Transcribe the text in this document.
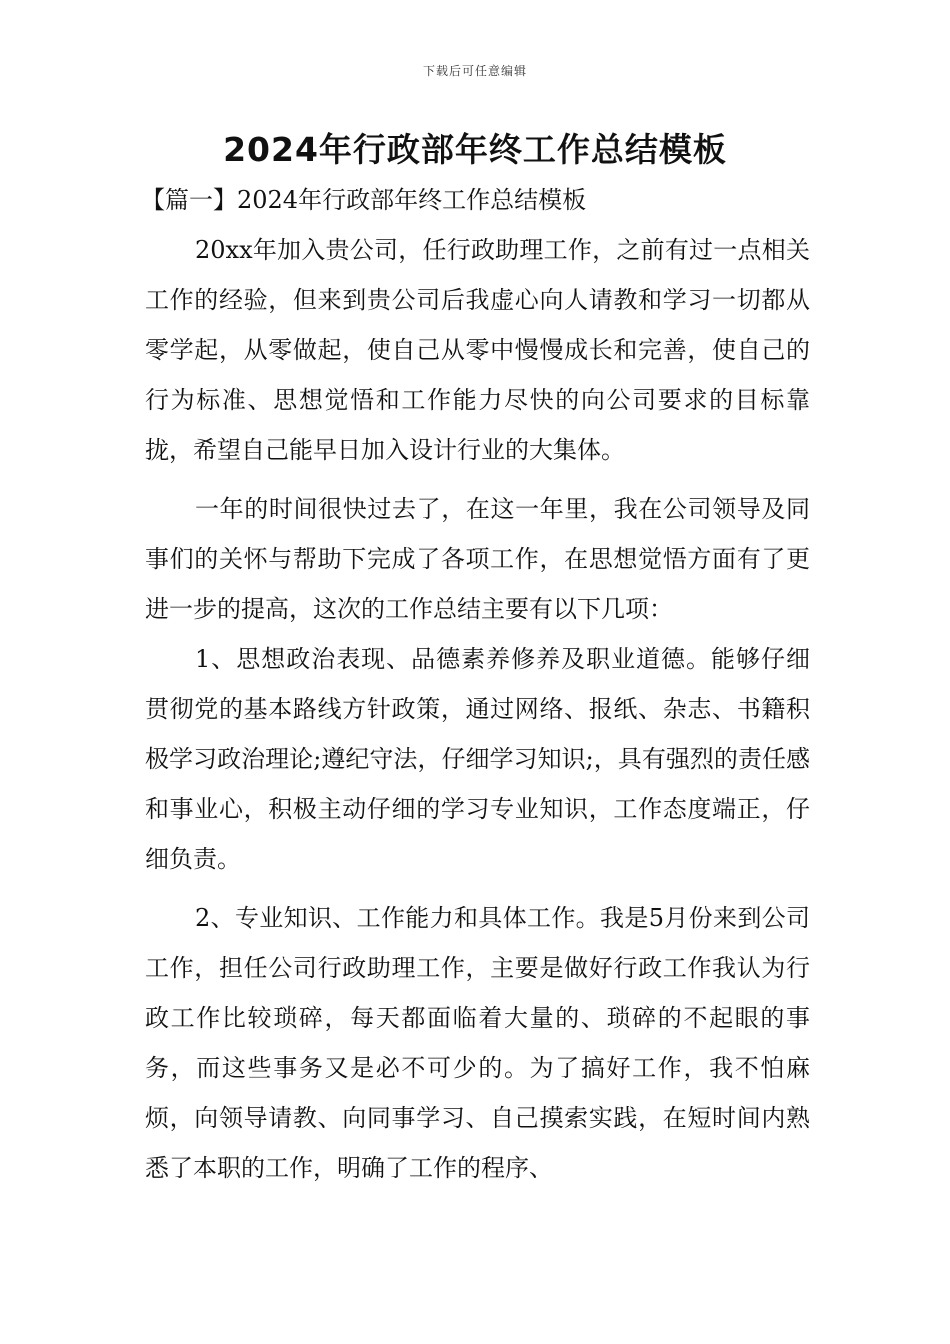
下载后可任意编辑
2024年行政部年终工作总结模板

【篇一】2024年行政部年终工作总结模板

20xx年加入贵公司，任行政助理工作，之前有过一点相关工作的经验，但来到贵公司后我虚心向人请教和学习一切都从零学起，从零做起，使自己从零中慢慢成长和完善，使自己的行为标准、思想觉悟和工作能力尽快的向公司要求的目标靠拢，希望自己能早日加入设计行业的大集体。

一年的时间很快过去了，在这一年里，我在公司领导及同事们的关怀与帮助下完成了各项工作，在思想觉悟方面有了更进一步的提高，这次的工作总结主要有以下几项：

1、思想政治表现、品德素养修养及职业道德。能够仔细贯彻党的基本路线方针政策，通过网络、报纸、杂志、书籍积极学习政治理论;遵纪守法，仔细学习知识;，具有强烈的责任感和事业心，积极主动仔细的学习专业知识，工作态度端正，仔细负责。

2、专业知识、工作能力和具体工作。我是5月份来到公司工作，担任公司行政助理工作，主要是做好行政工作我认为行政工作比较琐碎，每天都面临着大量的、琐碎的不起眼的事务，而这些事务又是必不可少的。为了搞好工作，我不怕麻烦，向领导请教、向同事学习、自己摸索实践，在短时间内熟悉了本职的工作，明确了工作的程序、
